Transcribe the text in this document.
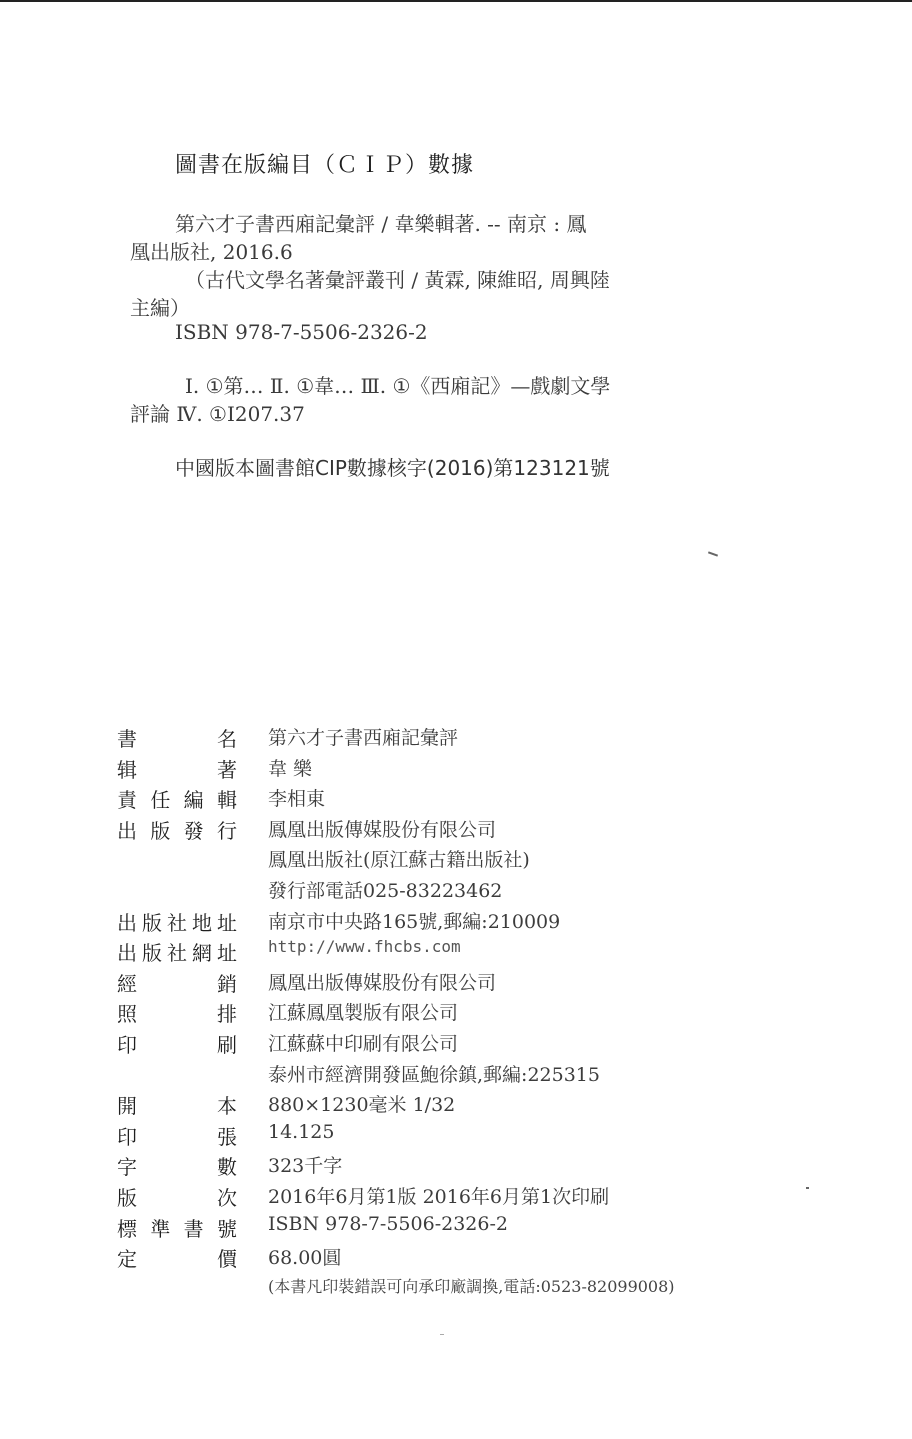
圖書在版編目（ＣＩＰ）數據
第六才子書西廂記彙評 / 韋樂輯著. -- 南京 : 鳳
凰出版社, 2016.6
（古代文學名著彙評叢刊 / 黃霖, 陳維昭, 周興陸
主編）
ISBN 978-7-5506-2326-2
Ⅰ. ①第… Ⅱ. ①韋… Ⅲ. ①《西廂記》—戲劇文學
評論 Ⅳ. ①I207.37
中國版本圖書館CIP數據核字(2016)第123121號
書	名 第六才子書西廂記彙評
辑	著 韋 樂
責 任 編 輯 李相東
出 版 發 行 鳳凰出版傳媒股份有限公司
鳳凰出版社(原江蘇古籍出版社)
發行部電話025-83223462
出 版 社 地 址 南京市中央路165號,郵編:210009
出 版 社 網 址 http://www.fhcbs.com
經	銷 鳳凰出版傳媒股份有限公司
照	排 江蘇鳳凰製版有限公司
印	刷 江蘇蘇中印刷有限公司
泰州市經濟開發區鮑徐鎮,郵編:225315
開	本 880×1230毫米 1/32
印	張 14.125
字	數 323千字
版	次 2016年6月第1版 2016年6月第1次印刷
標 準 書 號 ISBN 978-7-5506-2326-2
定	價 68.00圓
(本書凡印裝錯誤可向承印廠調換,電話:0523-82099008)
